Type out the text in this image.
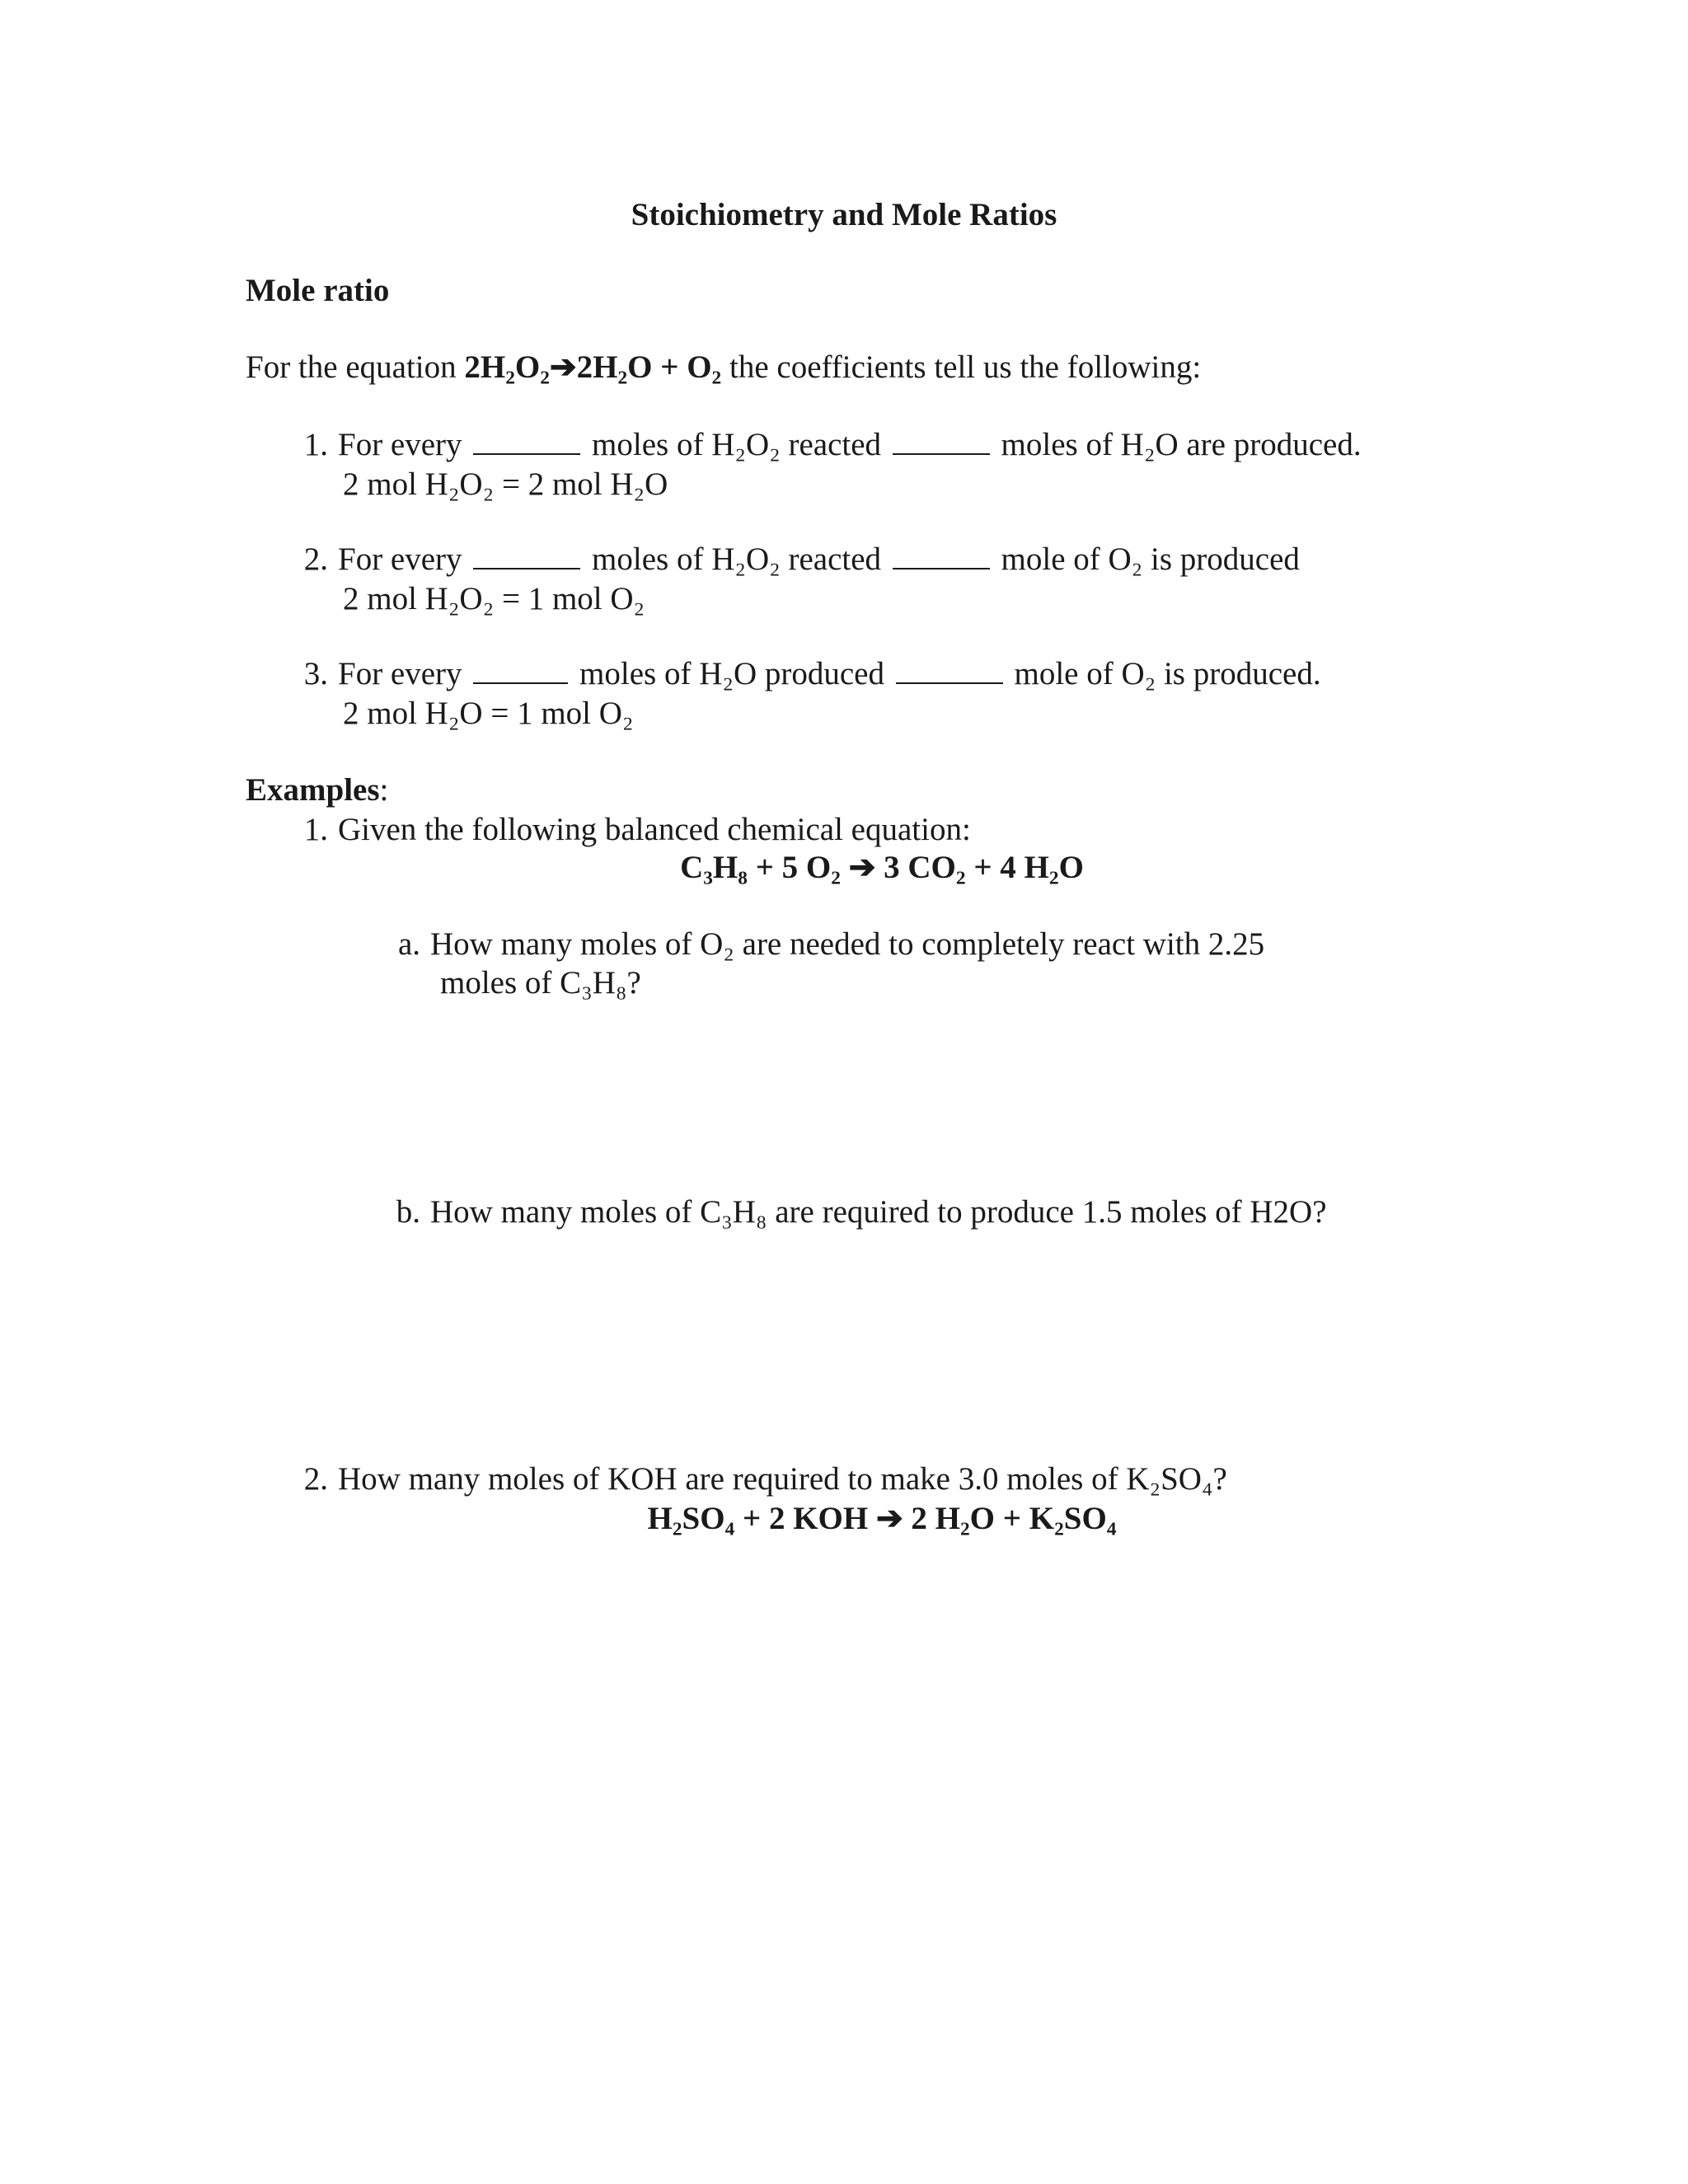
Stoichiometry and Mole Ratios
Mole ratio
For the equation 2H₂O₂➔2H₂O + O₂ the coefficients tell us the following:
1. For every	moles of H₂O₂ reacted	moles of H₂O are produced.
2 mol H₂O₂ = 2 mol H₂O
2. For every	moles of H₂O₂ reacted	mole of O₂ is produced
2 mol H₂O₂ = 1 mol O₂
3. For every	moles of H₂O produced	mole of O₂ is produced.
2 mol H₂O = 1 mol O₂
Examples:
1. Given the following balanced chemical equation:
C₃H₈ + 5 O₂ ➔ 3 CO₂ + 4 H₂O
a. How many moles of O₂ are needed to completely react with 2.25
moles of C₃H₈?
b. How many moles of C₃H₈ are required to produce 1.5 moles of H2O?
2. How many moles of KOH are required to make 3.0 moles of K₂SO₄?
H₂SO₄ + 2 KOH ➔ 2 H₂O + K₂SO₄
